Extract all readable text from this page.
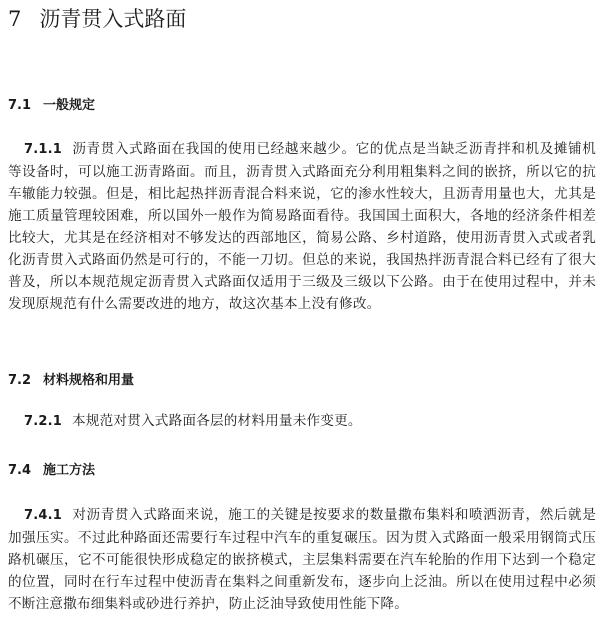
7 沥青贯入式路面
7.1 一般规定
7.1.1 沥青贯入式路面在我国的使用已经越来越少。它的优点是当缺乏沥青拌和机及摊铺机等设备时，可以施工沥青路面。而且，沥青贯入式路面充分利用粗集料之间的嵌挤，所以它的抗车辙能力较强。但是，相比起热拌沥青混合料来说，它的渗水性较大，且沥青用量也大，尤其是施工质量管理较困难，所以国外一般作为简易路面看待。我国国土面积大，各地的经济条件相差比较大，尤其是在经济相对不够发达的西部地区，简易公路、乡村道路，使用沥青贯入式或者乳化沥青贯入式路面仍然是可行的，不能一刀切。但总的来说，我国热拌沥青混合料已经有了很大普及，所以本规范规定沥青贯入式路面仅适用于三级及三级以下公路。由于在使用过程中，并未发现原规范有什么需要改进的地方，故这次基本上没有修改。
7.2 材料规格和用量
7.2.1 本规范对贯入式路面各层的材料用量未作变更。
7.4 施工方法
7.4.1 对沥青贯入式路面来说，施工的关键是按要求的数量撒布集料和喷洒沥青，然后就是加强压实。不过此种路面还需要行车过程中汽车的重复碾压。因为贯入式路面一般采用钢筒式压路机碾压，它不可能很快形成稳定的嵌挤模式，主层集料需要在汽车轮胎的作用下达到一个稳定的位置，同时在行车过程中使沥青在集料之间重新发布，逐步向上泛油。所以在使用过程中必须不断注意撒布细集料或砂进行养护，防止泛油导致使用性能下降。
